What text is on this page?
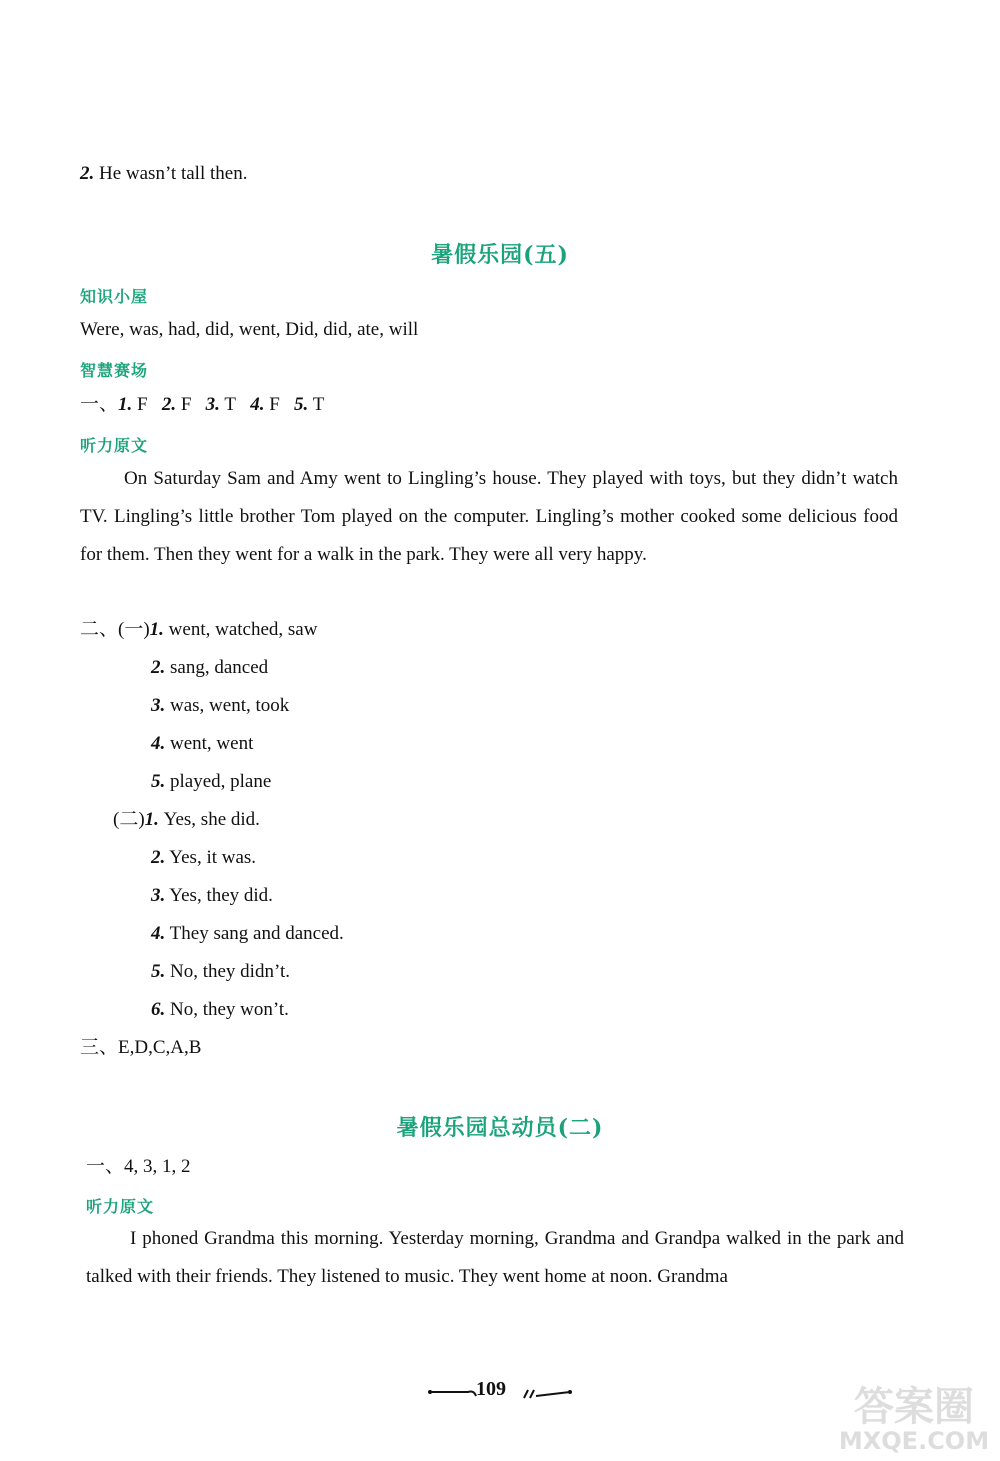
2. He wasn’t tall then.
暑假乐园(五)
知识小屋
Were, was, had, did, went, Did, did, ate, will
智慧赛场
一、1. F 2. F 3. T 4. F 5. T
听力原文
On Saturday Sam and Amy went to Lingling’s house. They played with toys, but they didn’t watch TV. Lingling’s little brother Tom played on the computer. Lingling’s mother cooked some delicious food for them. Then they went for a walk in the park. They were all very happy.
二、(一)1. went, watched, saw
2. sang, danced
3. was, went, took
4. went, went
5. played, plane
(二)1. Yes, she did.
2. Yes, it was.
3. Yes, they did.
4. They sang and danced.
5. No, they didn’t.
6. No, they won’t.
三、E,D,C,A,B
暑假乐园总动员(二)
一、4, 3, 1, 2
听力原文
I phoned Grandma this morning. Yesterday morning, Grandma and Grandpa walked in the park and talked with their friends. They listened to music. They went home at noon. Grandma
109	答案圈
MXQE.COM
